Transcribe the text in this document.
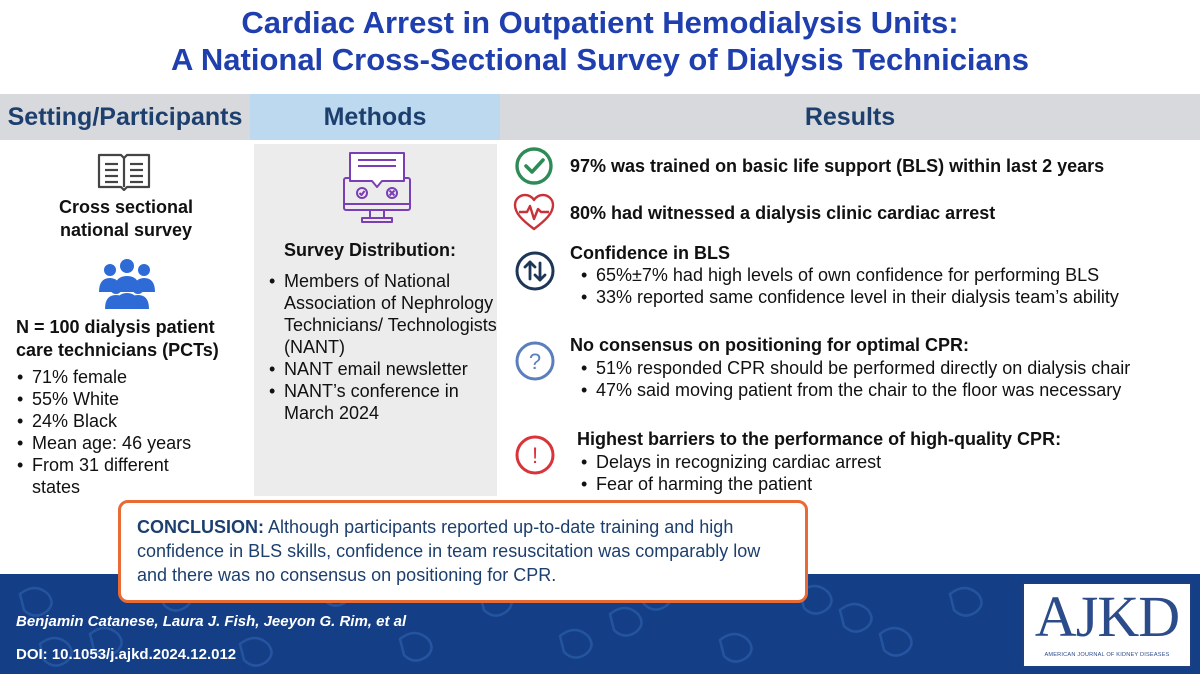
Cardiac Arrest in Outpatient Hemodialysis Units:
A National Cross-Sectional Survey of Dialysis Technicians
Setting/Participants	Methods	Results
Cross sectional
national survey
N = 100 dialysis patient
care technicians (PCTs)
• 71% female
• 55% White
• 24% Black
• Mean age: 46 years
• From 31 different states
Survey Distribution:
• Members of National Association of Nephrology Technicians/ Technologists (NANT)
• NANT email newsletter
• NANT’s conference in March 2024
97% was trained on basic life support (BLS) within last 2 years
80% had witnessed a dialysis clinic cardiac arrest
Confidence in BLS
• 65%±7% had high levels of own confidence for performing BLS
• 33% reported same confidence level in their dialysis team’s ability
?
No consensus on positioning for optimal CPR:
• 51% responded CPR should be performed directly on dialysis chair
• 47% said moving patient from the chair to the floor was necessary
!
Highest barriers to the performance of high-quality CPR:
• Delays in recognizing cardiac arrest
• Fear of harming the patient
Benjamin Catanese, Laura J. Fish, Jeeyon G. Rim, et al
DOI: 10.1053/j.ajkd.2024.12.012
AJKD
AMERICAN JOURNAL OF KIDNEY DISEASES
CONCLUSION: Although participants reported up-to-date training and high confidence in BLS skills, confidence in team resuscitation was comparably low and there was no consensus on positioning for CPR.
